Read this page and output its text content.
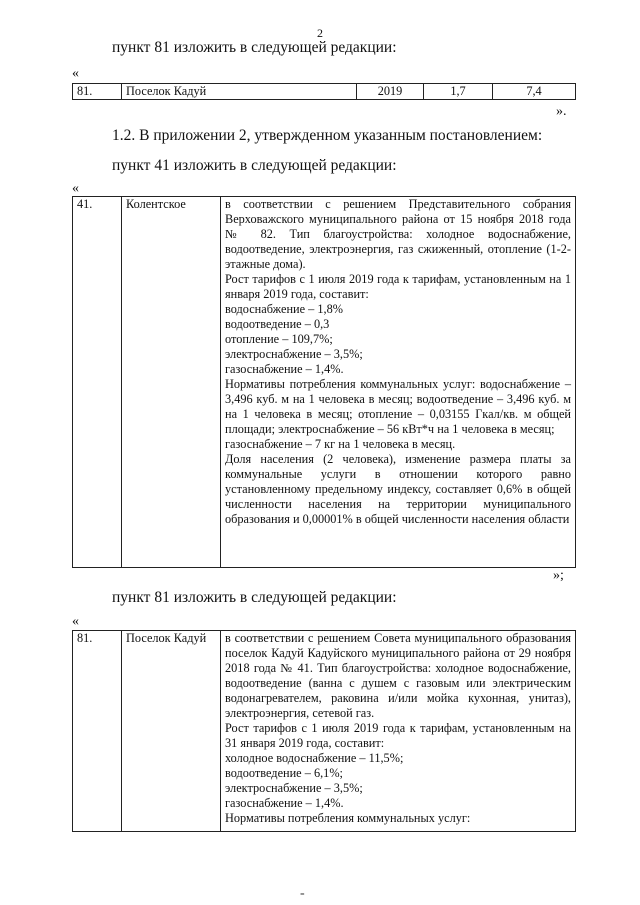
2

пункт 81 изложить в следующей редакции:

«
81.	Поселок Кадуй	2019	1,7	7,4
».

1.2. В приложении 2, утвержденном указанным постановлением:

пункт 41 изложить в следующей редакции:

«
41.	Колентское	в соответствии с решением Представительного собрания Верховажского муниципального района от 15 ноября 2018 года № 82. Тип благоустройства: холодное водоснабжение, водоотведение, электроэнергия, газ сжиженный, отопление (1-2-этажные дома).

Рост тарифов с 1 июля 2019 года к тарифам, установленным на 1 января 2019 года, составит:

водоснабжение – 1,8%

водоотведение – 0,3

отопление – 109,7%;

электроснабжение – 3,5%;

газоснабжение – 1,4%.

Нормативы потребления коммунальных услуг: водоснабжение – 3,496 куб. м на 1 человека в месяц; водоотведение – 3,496 куб. м на 1 человека в месяц; отопление – 0,03155 Гкал/кв. м общей площади; электроснабжение – 56 кВт*ч на 1 человека в месяц;

газоснабжение – 7 кг на 1 человека в месяц.

Доля населения (2 человека), изменение размера платы за коммунальные услуги в отношении которого равно установленному предельному индексу, составляет 0,6% в общей численности населения на территории муниципального образования и 0,00001% в общей численности населения области

»;

пункт 81 изложить в следующей редакции:

«
81.	Поселок Кадуй	в соответствии с решением Совета муниципального образования поселок Кадуй Кадуйского муниципального района от 29 ноября 2018 года № 41. Тип благоустройства: холодное водоснабжение, водоотведение (ванна с душем с газовым или электрическим водонагревателем, раковина и/или мойка кухонная, унитаз), электроэнергия, сетевой газ.

Рост тарифов с 1 июля 2019 года к тарифам, установленным на 31 января 2019 года, составит:

холодное водоснабжение – 11,5%;

водоотведение – 6,1%;

электроснабжение – 3,5%;

газоснабжение – 1,4%.

Нормативы потребления коммунальных услуг:

-
